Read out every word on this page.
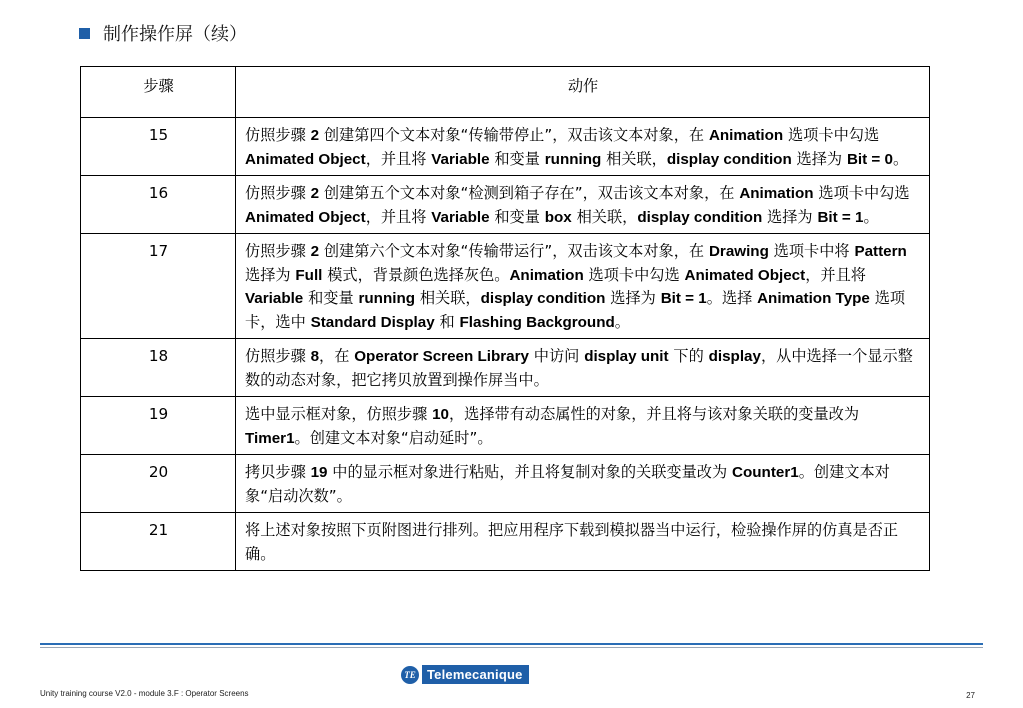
制作操作屏（续）
步骤	动作
15	仿照步骤 2 创建第四个文本对象“传输带停止”，双击该文本对象，在 Animation 选项卡中勾选 Animated Object，并且将 Variable 和变量 running 相关联，display condition 选择为 Bit = 0。
16	仿照步骤 2 创建第五个文本对象“检测到箱子存在”，双击该文本对象，在 Animation 选项卡中勾选 Animated Object，并且将 Variable 和变量 box 相关联，display condition 选择为 Bit = 1。
17	仿照步骤 2 创建第六个文本对象“传输带运行”，双击该文本对象，在 Drawing 选项卡中将 Pattern 选择为 Full 模式，背景颜色选择灰色。Animation 选项卡中勾选 Animated Object，并且将 Variable 和变量 running 相关联，display condition 选择为 Bit = 1。选择 Animation Type 选项卡，选中 Standard Display 和 Flashing Background。
18	仿照步骤 8，在 Operator Screen Library 中访问 display unit 下的 display，从中选择一个显示整数的动态对象，把它拷贝放置到操作屏当中。
19	选中显示框对象，仿照步骤 10，选择带有动态属性的对象，并且将与该对象关联的变量改为 Timer1。创建文本对象“启动延时”。
20	拷贝步骤 19 中的显示框对象进行粘贴，并且将复制对象的关联变量改为 Counter1。创建文本对象“启动次数”。
21	将上述对象按照下页附图进行排列。把应用程序下载到模拟器当中运行，检验操作屏的仿真是否正确。
TE Telemecanique
Unity training course V2.0 - module 3.F : Operator Screens	27
